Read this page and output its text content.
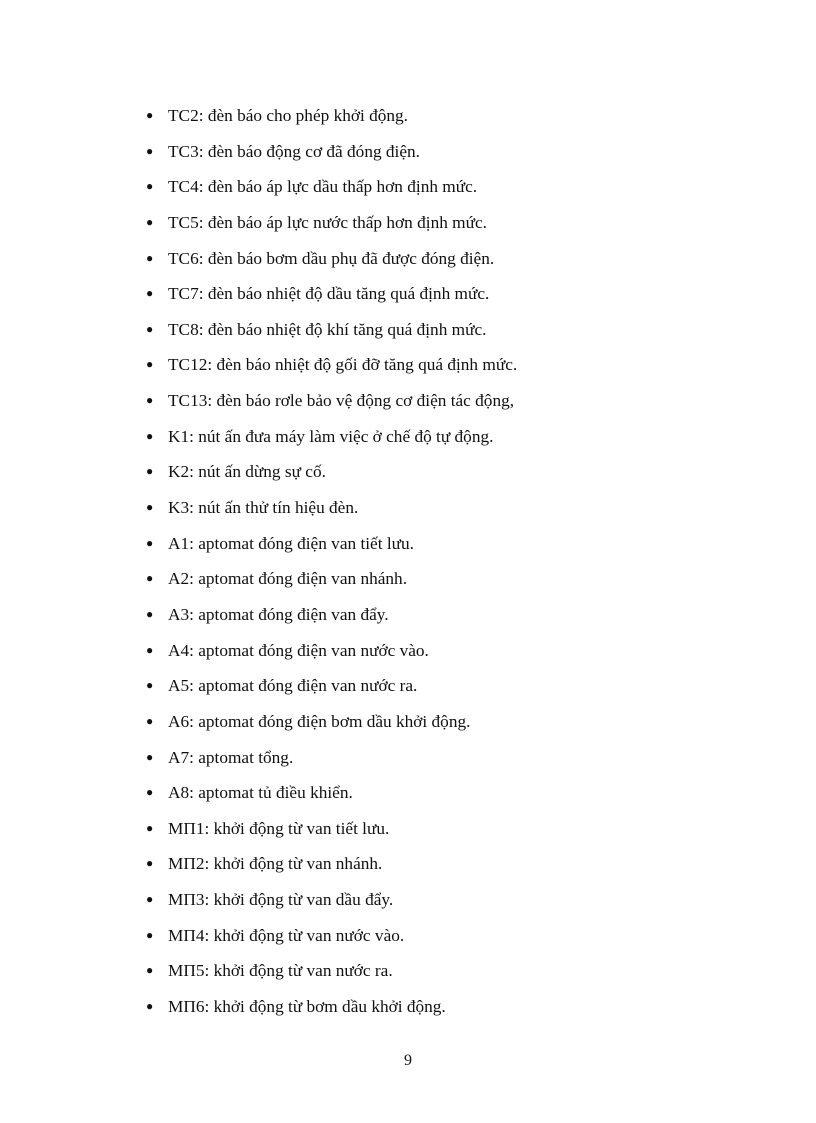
● TC2: đèn báo cho phép khởi động.
● TC3: đèn báo động cơ đã đóng điện.
● TC4: đèn báo áp lực dầu thấp hơn định mức.
● TC5: đèn báo áp lực nước thấp hơn định mức.
● TC6: đèn báo bơm dầu phụ đã được đóng điện.
● TC7: đèn báo nhiệt độ dầu tăng quá định mức.
● TC8: đèn báo nhiệt độ khí tăng quá định mức.
● TC12: đèn báo nhiệt độ gối đỡ tăng quá định mức.
● TC13: đèn báo rơle bảo vệ động cơ điện tác động,
● K1: nút ấn đưa máy làm việc ở chế độ tự động.
● K2: nút ấn dừng sự cố.
● K3: nút ấn thử tín hiệu đèn.
● A1: aptomat đóng điện van tiết lưu.
● A2: aptomat đóng điện van nhánh.
● A3: aptomat đóng điện van đẩy.
● A4: aptomat đóng điện van nước vào.
● A5: aptomat đóng điện van nước ra.
● A6: aptomat đóng điện bơm dầu khởi động.
● A7: aptomat tổng.
● A8: aptomat tủ điều khiển.
● MП1: khởi động từ van tiết lưu.
● MП2: khởi động từ van nhánh.
● MП3: khởi động từ van dầu đẩy.
● MП4: khởi động từ van nước vào.
● MП5: khởi động từ van nước ra.
● MП6: khởi động từ bơm dầu khởi động.
9
